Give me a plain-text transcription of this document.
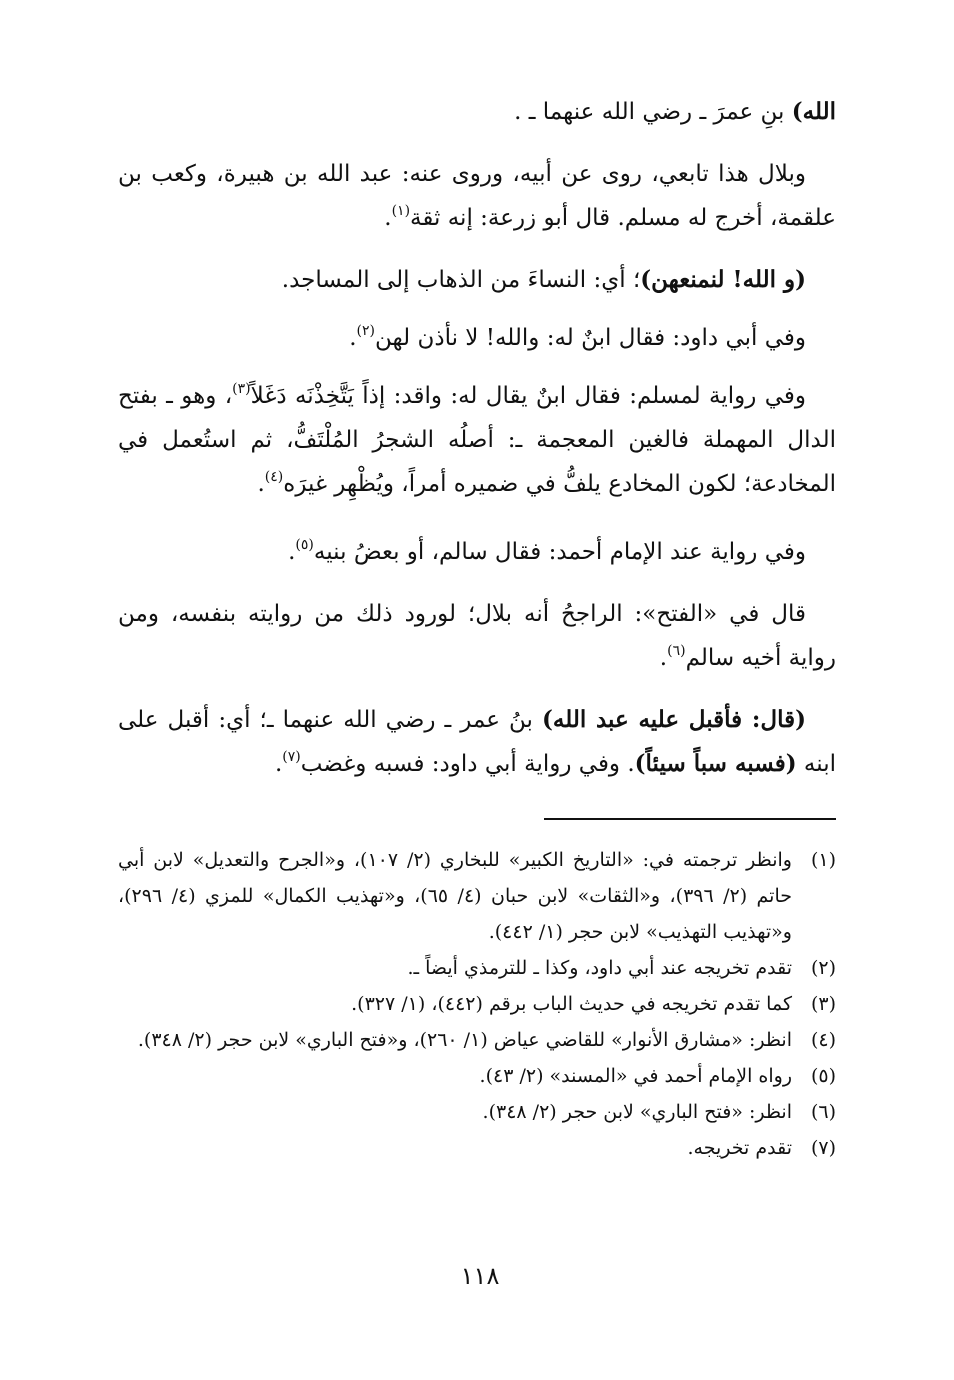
الله) بنِ عمرَ ـ رضي الله عنهما ـ .

وبلال هذا تابعي، روى عن أبيه، وروى عنه: عبد الله بن هبيرة، وكعب بن علقمة، أخرج له مسلم. قال أبو زرعة: إنه ثقة$^{(١)}$.

(و الله! لنمنعهن)؛ أي: النساءَ من الذهاب إلى المساجد.

وفي أبي داود: فقال ابنٌ له: والله! لا نأذن لهن$^{(٢)}$.

وفي رواية لمسلم: فقال ابنٌ يقال له: واقد: إذاً يَتَّخِذْنَه دَغَلاً$^{(٣)}$، وهو ـ بفتح الدال المهملة فالغين المعجمة ـ: أصلُه الشجرُ المُلْتَفُّ، ثم استُعمل في المخادعة؛ لكون المخادع يلفُّ في ضميره أمراً، ويُظْهِر غيرَه$^{(٤)}$.

وفي رواية عند الإمام أحمد: فقال سالم، أو بعضُ بنيه$^{(٥)}$.

قال في «الفتح»: الراجحُ أنه بلال؛ لورود ذلك من روايته بنفسه، ومن رواية أخيه سالم$^{(٦)}$.

(قال: فأقبل عليه عبد الله) بنُ عمر ـ رضي الله عنهما ـ؛ أي: أقبل على ابنه (فسبه سباً سيئاً). وفي رواية أبي داود: فسبه وغضب$^{(٧)}$.

(١)
وانظر ترجمته في: «التاريخ الكبير» للبخاري (٢/ ١٠٧)، و«الجرح والتعديل» لابن أبي حاتم (٢/ ٣٩٦)، و«الثقات» لابن حبان (٤/ ٦٥)، و«تهذيب الكمال» للمزي (٤/ ٢٩٦)، و«تهذيب التهذيب» لابن حجر (١/ ٤٤٢).
(٢)
تقدم تخريجه عند أبي داود، وكذا ـ للترمذي أيضاً ـ.
(٣)
كما تقدم تخريجه في حديث الباب برقم (٤٤٢)، (١/ ٣٢٧).
(٤)
انظر: «مشارق الأنوار» للقاضي عياض (١/ ٢٦٠)، و«فتح الباري» لابن حجر (٢/ ٣٤٨).
(٥)
رواه الإمام أحمد في «المسند» (٢/ ٤٣).
(٦)
انظر: «فتح الباري» لابن حجر (٢/ ٣٤٨).
(٧)
تقدم تخريجه.
١١٨
